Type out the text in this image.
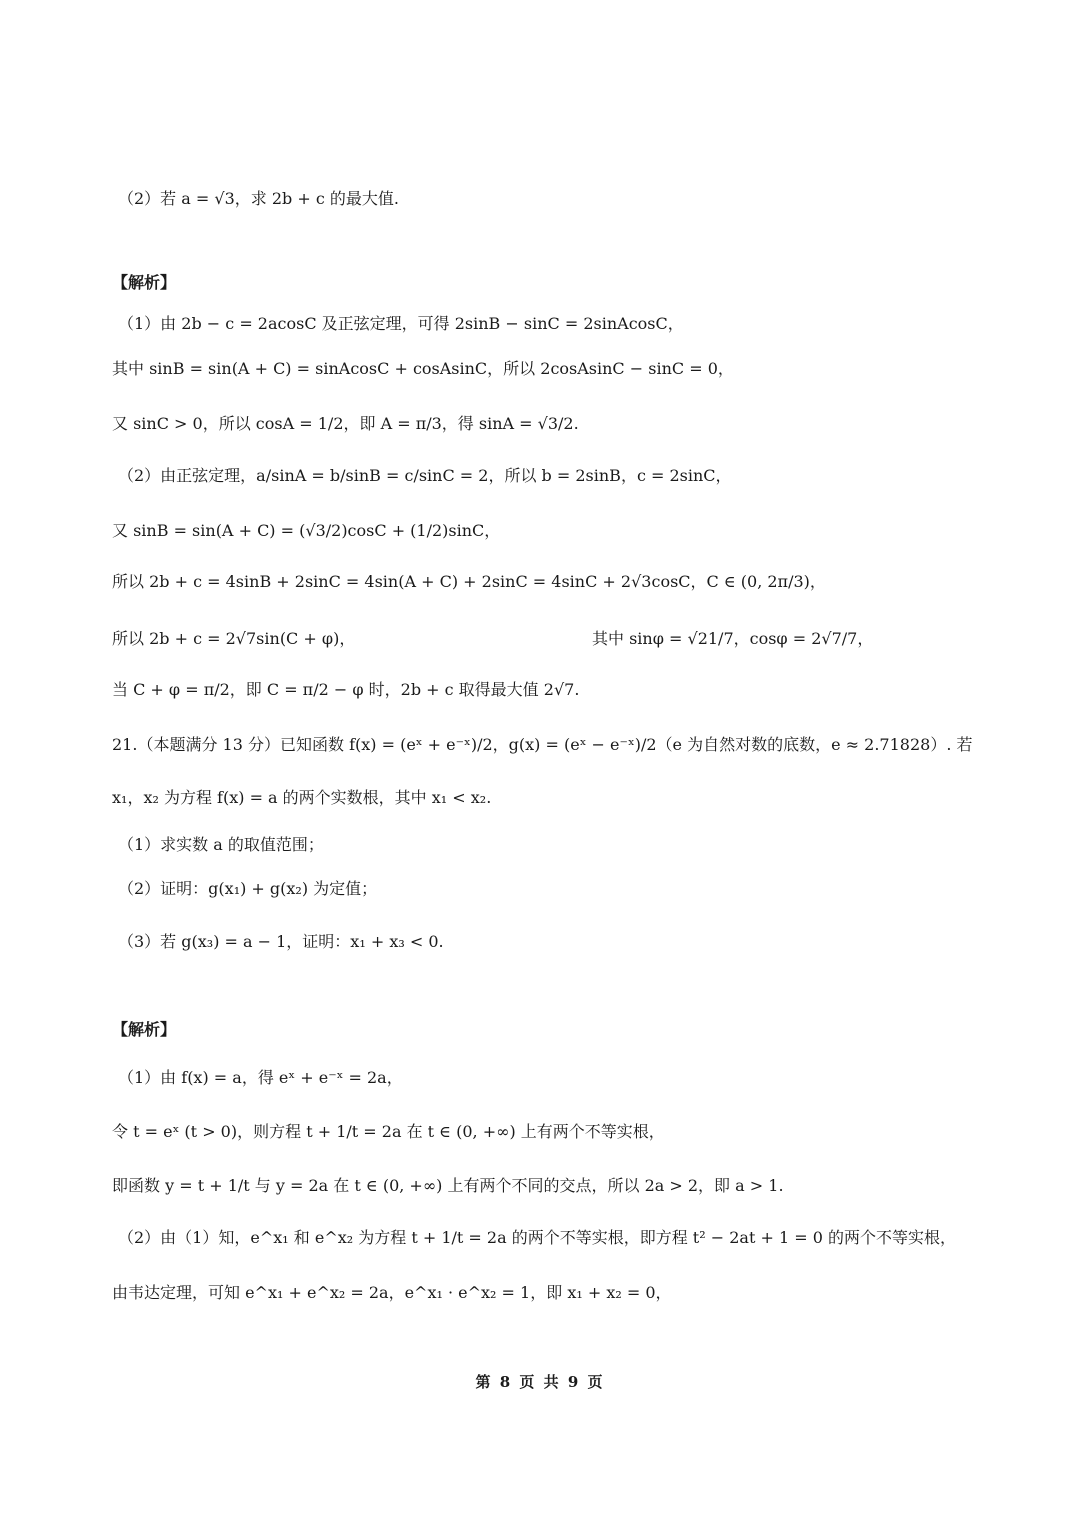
（2）若 a = √3，求 2b + c 的最大值.
【解析】
（1）由 2b − c = 2acosC 及正弦定理，可得 2sinB − sinC = 2sinAcosC，
其中 sinB = sin(A + C) = sinAcosC + cosAsinC，所以 2cosAsinC − sinC = 0，
又 sinC > 0，所以 cosA = 1/2，即 A = π/3，得 sinA = √3/2.
（2）由正弦定理，a/sinA = b/sinB = c/sinC = 2，所以 b = 2sinB，c = 2sinC，
又 sinB = sin(A + C) = (√3/2)cosC + (1/2)sinC，
所以 2b + c = 4sinB + 2sinC = 4sin(A + C) + 2sinC = 4sinC + 2√3cosC，C ∈ (0, 2π/3)，
所以 2b + c = 2√7sin(C + φ)，	其中 sinφ = √21/7，cosφ = 2√7/7，
当 C + φ = π/2，即 C = π/2 − φ 时，2b + c 取得最大值 2√7.
21.（本题满分 13 分）已知函数 f(x) = (eˣ + e⁻ˣ)/2，g(x) = (eˣ − e⁻ˣ)/2（e 为自然对数的底数，e ≈ 2.71828）. 若
x₁，x₂ 为方程 f(x) = a 的两个实数根，其中 x₁ < x₂.
（1）求实数 a 的取值范围；
（2）证明：g(x₁) + g(x₂) 为定值；
（3）若 g(x₃) = a − 1，证明：x₁ + x₃ < 0.
【解析】
（1）由 f(x) = a，得 eˣ + e⁻ˣ = 2a，
令 t = eˣ (t > 0)，则方程 t + 1/t = 2a 在 t ∈ (0, +∞) 上有两个不等实根，
即函数 y = t + 1/t 与 y = 2a 在 t ∈ (0, +∞) 上有两个不同的交点，所以 2a > 2，即 a > 1.
（2）由（1）知，e^x₁ 和 e^x₂ 为方程 t + 1/t = 2a 的两个不等实根，即方程 t² − 2at + 1 = 0 的两个不等实根，
由韦达定理，可知 e^x₁ + e^x₂ = 2a，e^x₁ · e^x₂ = 1，即 x₁ + x₂ = 0，
第 8 页 共 9 页
